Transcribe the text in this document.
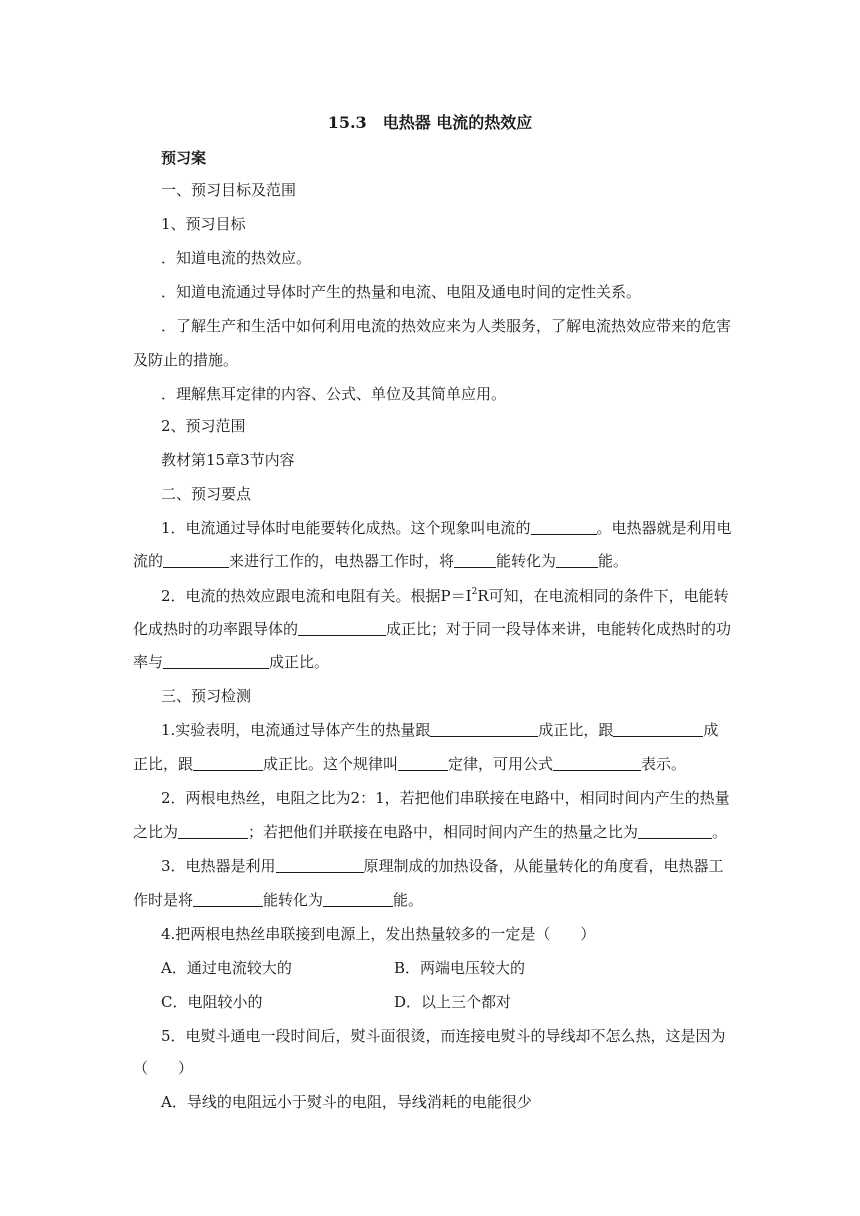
15.3　电热器 电流的热效应
预习案
一、预习目标及范围
1、预习目标
．知道电流的热效应。
．知道电流通过导体时产生的热量和电流、电阻及通电时间的定性关系。
．了解生产和生活中如何利用电流的热效应来为人类服务，了解电流热效应带来的危害
及防止的措施。
．理解焦耳定律的内容、公式、单位及其简单应用。
2、预习范围
教材第15章3节内容
二、预习要点
1．电流通过导体时电能要转化成热。这个现象叫电流的	。电热器就是利用电
流的	来进行工作的，电热器工作时，将	能转化为	能。
2．电流的热效应跟电流和电阻有关。根据$P=I^2R$可知，在电流相同的条件下，电能转
化成热时的功率跟导体的	成正比；对于同一段导体来讲，电能转化成热时的功
率与	成正比。
三、预习检测
1.实验表明，电流通过导体产生的热量跟	成正比，跟	成
正比，跟	成正比。这个规律叫	定律，可用公式	表示。
2．两根电热丝，电阻之比为2：1，若把他们串联接在电路中，相同时间内产生的热量
之比为	；若把他们并联接在电路中，相同时间内产生的热量之比为	。
3．电热器是利用	原理制成的加热设备，从能量转化的角度看，电热器工
作时是将	能转化为	能。
4.把两根电热丝串联接到电源上，发出热量较多的一定是（　　）
A．通过电流较大的	B．两端电压较大的
C．电阻较小的	D．以上三个都对
5．电熨斗通电一段时间后，熨斗面很烫，而连接电熨斗的导线却不怎么热，这是因为
（　　）
A．导线的电阻远小于熨斗的电阻，导线消耗的电能很少
